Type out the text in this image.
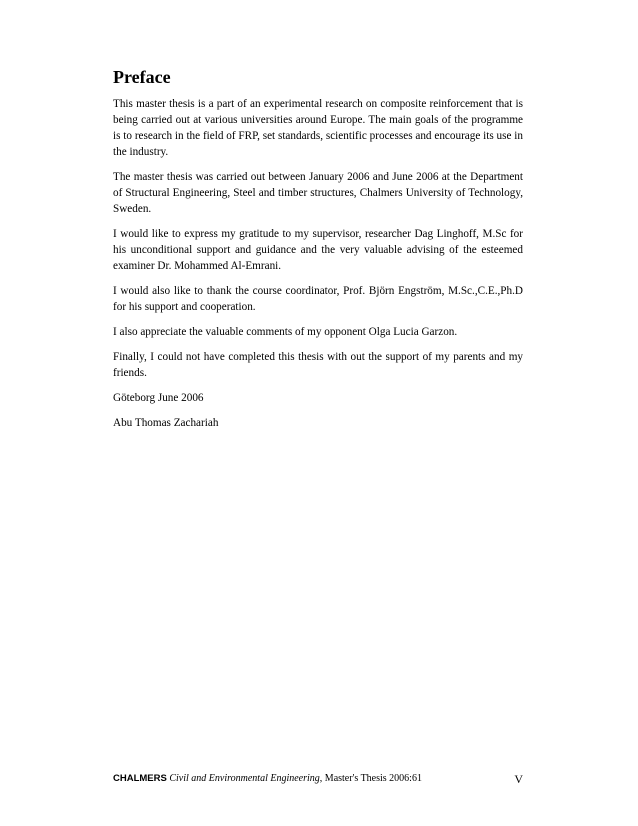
Preface

This master thesis is a part of an experimental research on composite reinforcement that is being carried out at various universities around Europe. The main goals of the programme is to research in the field of FRP, set standards, scientific processes and encourage its use in the industry.

The master thesis was carried out between January 2006 and June 2006 at the Department of Structural Engineering, Steel and timber structures, Chalmers University of Technology, Sweden.

I would like to express my gratitude to my supervisor, researcher Dag Linghoff, M.Sc for his unconditional support and guidance and the very valuable advising of the esteemed examiner Dr. Mohammed Al-Emrani.

I would also like to thank the course coordinator, Prof. Björn Engström, M.Sc.,C.E.,Ph.D for his support and cooperation.

I also appreciate the valuable comments of my opponent Olga Lucia Garzon.

Finally, I could not have completed this thesis with out the support of my parents and my friends.

Göteborg June 2006

Abu Thomas Zachariah

CHALMERS Civil and Environmental Engineering, Master's Thesis 2006:61	V
